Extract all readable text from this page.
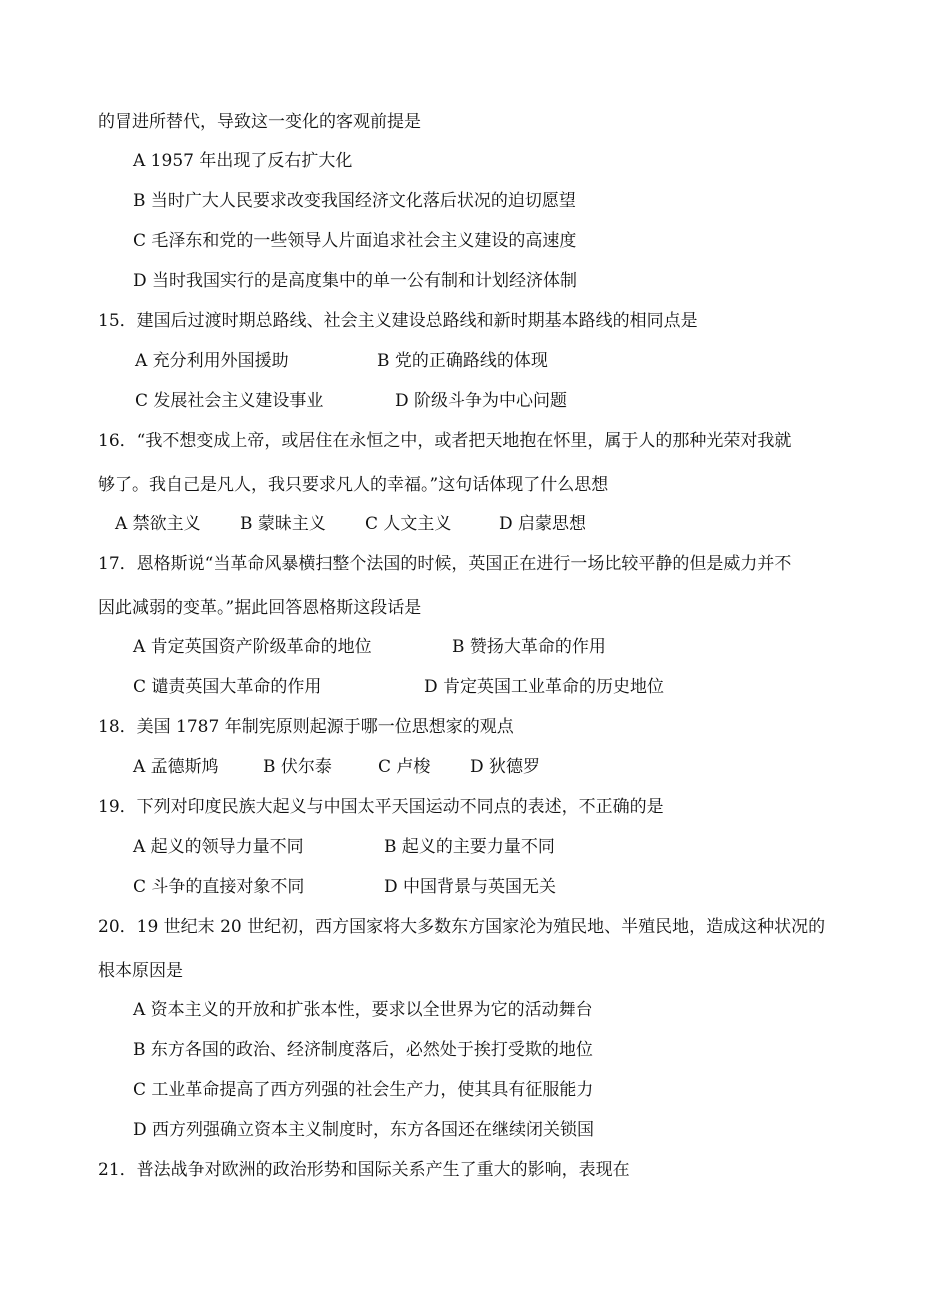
的冒进所替代，导致这一变化的客观前提是
A 1957 年出现了反右扩大化
B 当时广大人民要求改变我国经济文化落后状况的迫切愿望
C 毛泽东和党的一些领导人片面追求社会主义建设的高速度
D 当时我国实行的是高度集中的单一公有制和计划经济体制
15．建国后过渡时期总路线、社会主义建设总路线和新时期基本路线的相同点是
A 充分利用外国援助	B 党的正确路线的体现
C 发展社会主义建设事业	D 阶级斗争为中心问题
16．“我不想变成上帝，或居住在永恒之中，或者把天地抱在怀里，属于人的那种光荣对我就
够了。我自己是凡人，我只要求凡人的幸福。”这句话体现了什么思想
A 禁欲主义 B 蒙昧主义 C 人文主义	D 启蒙思想
17．恩格斯说“当革命风暴横扫整个法国的时候，英国正在进行一场比较平静的但是威力并不
因此减弱的变革。”据此回答恩格斯这段话是
A 肯定英国资产阶级革命的地位	B 赞扬大革命的作用
C 谴责英国大革命的作用	D 肯定英国工业革命的历史地位
18．美国 1787 年制宪原则起源于哪一位思想家的观点
A 孟德斯鸠	B 伏尔泰	C 卢梭 D 狄德罗
19．下列对印度民族大起义与中国太平天国运动不同点的表述，不正确的是
A 起义的领导力量不同	B 起义的主要力量不同
C 斗争的直接对象不同	D 中国背景与英国无关
20．19 世纪末 20 世纪初，西方国家将大多数东方国家沦为殖民地、半殖民地，造成这种状况的
根本原因是
A 资本主义的开放和扩张本性，要求以全世界为它的活动舞台
B 东方各国的政治、经济制度落后，必然处于挨打受欺的地位
C 工业革命提高了西方列强的社会生产力，使其具有征服能力
D 西方列强确立资本主义制度时，东方各国还在继续闭关锁国
21．普法战争对欧洲的政治形势和国际关系产生了重大的影响，表现在
